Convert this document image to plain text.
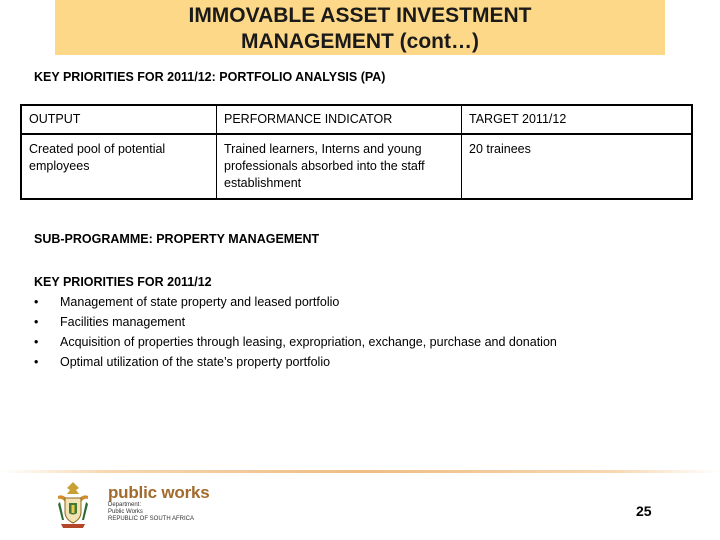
IMMOVABLE ASSET INVESTMENT
MANAGEMENT (cont…)
KEY PRIORITIES FOR 2011/12: PORTFOLIO ANALYSIS (PA)
OUTPUT	PERFORMANCE INDICATOR	TARGET 2011/12
Created pool of potential employees	Trained learners, Interns and young professionals absorbed into the staff establishment	20 trainees
SUB-PROGRAMME: PROPERTY MANAGEMENT
KEY PRIORITIES FOR 2011/12
•	Management of state property and leased portfolio
•	Facilities management
•	Acquisition of properties through leasing, expropriation, exchange, purchase and donation
•	Optimal utilization of the state’s property portfolio
public works
Department:
Public Works
REPUBLIC OF SOUTH AFRICA	25
